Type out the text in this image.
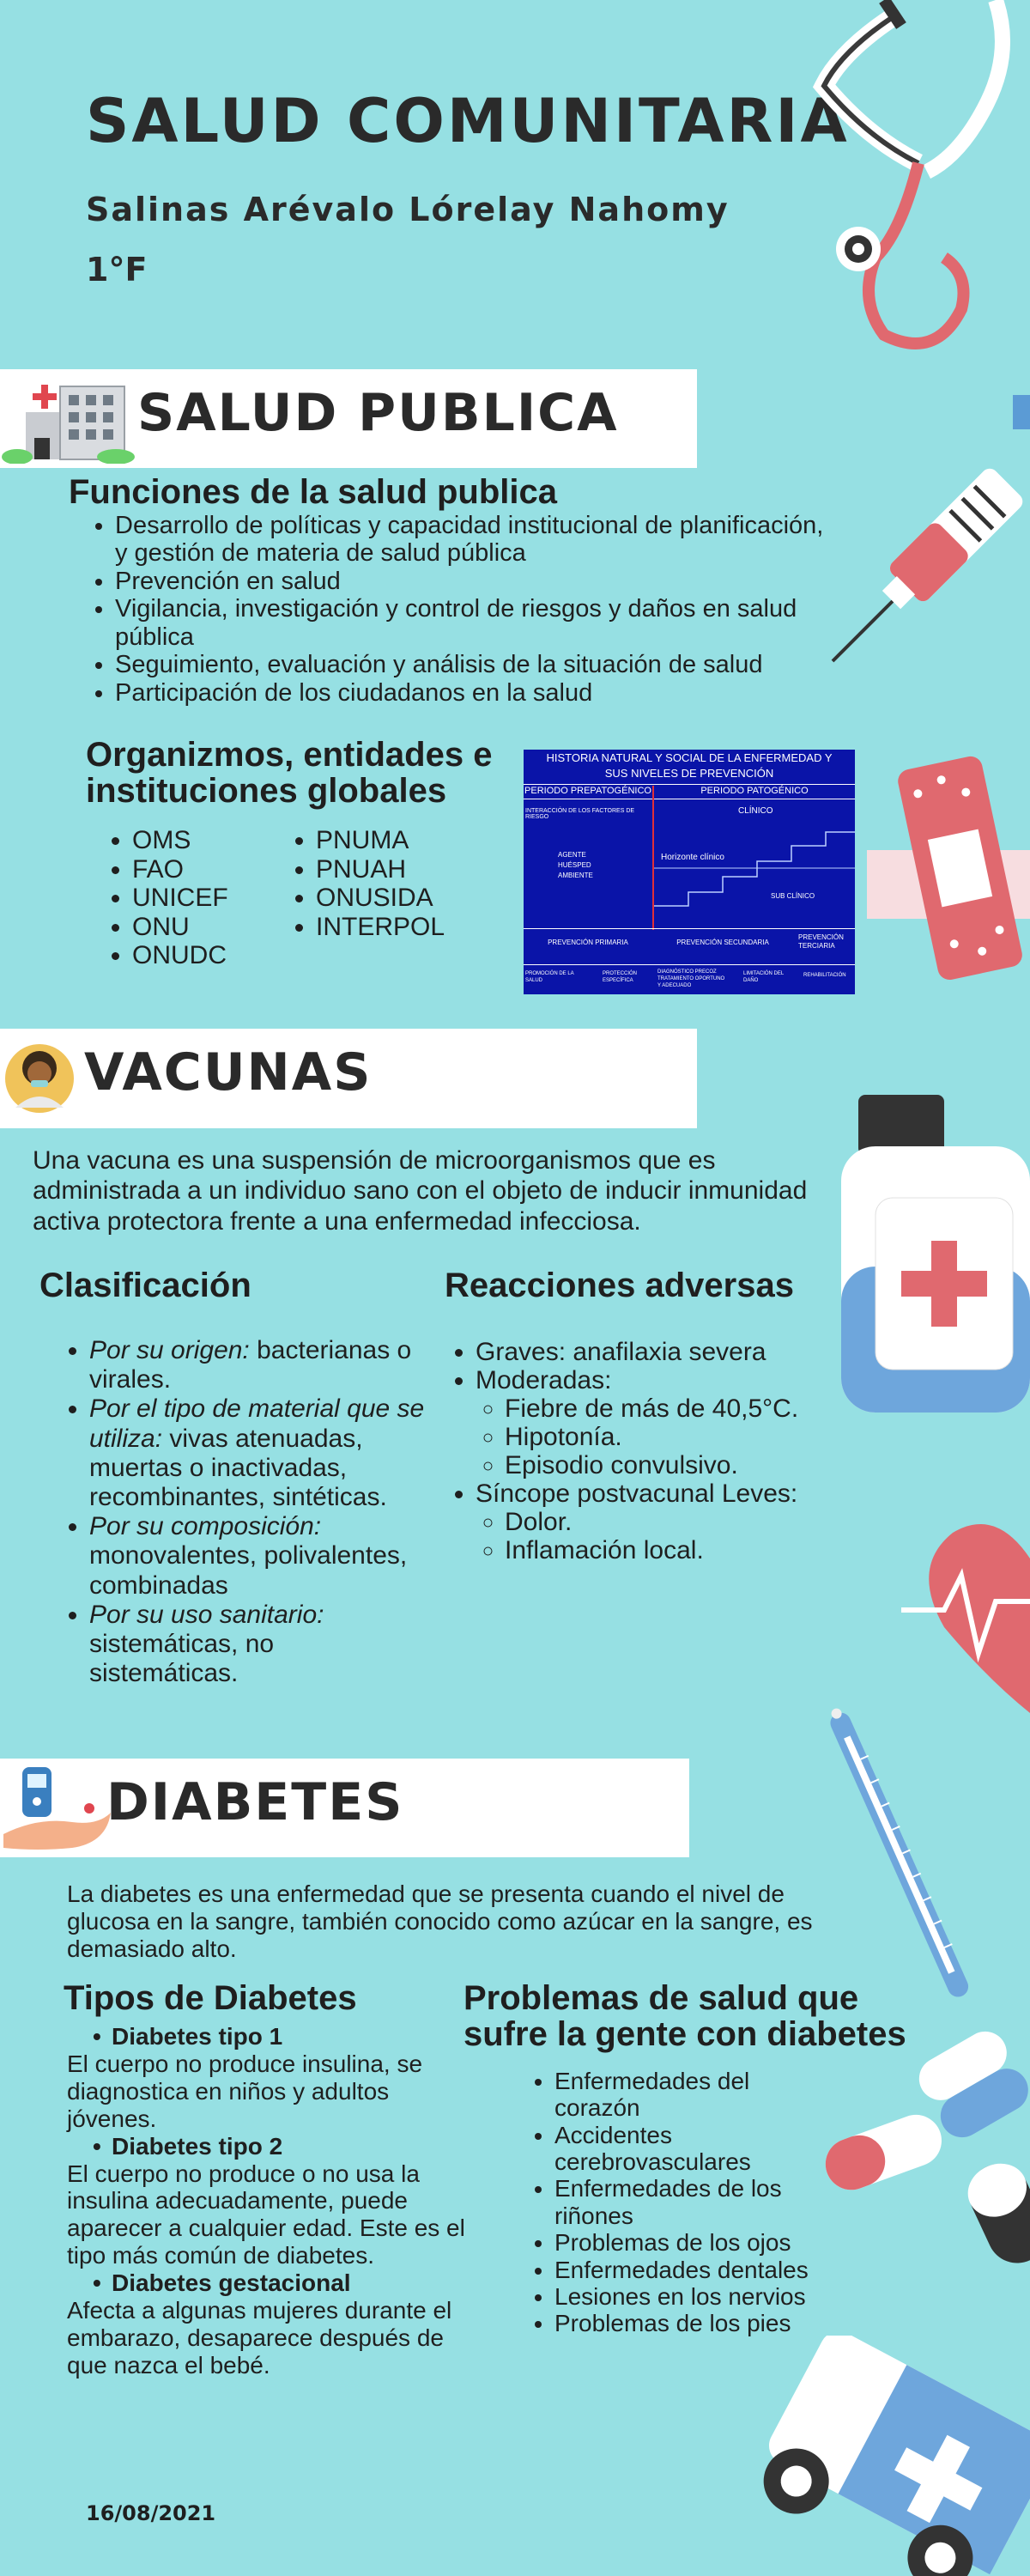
SALUD COMUNITARIA
Salinas Arévalo Lórelay Nahomy
1°F
SALUD PUBLICA
Funciones de la salud publica
• Desarrollo de políticas y capacidad institucional de planificación, y gestión de materia de salud pública
• Prevención en salud
• Vigilancia, investigación y control de riesgos y daños en salud pública
• Seguimiento, evaluación y análisis de la situación de salud
• Participación de los ciudadanos en la salud
Organizmos, entidades e instituciones globales
• OMS
• FAO
• UNICEF
• ONU
• ONUDC
• PNUMA
• PNUAH
• ONUSIDA
• INTERPOL
HISTORIA NATURAL Y SOCIAL DE LA ENFERMEDAD Y
SUS NIVELES DE PREVENCIÓN
PERIODO PREPATOGÉNICO	PERIODO PATOGÉNICO
INTERACCIÓN DE LOS FACTORES DE RIESGO
CLÍNICO
AGENTE
HUÉSPED
AMBIENTE
Horizonte clínico
SUB CLÍNICO
PREVENCIÓN PRIMARIA	PREVENCIÓN SECUNDARIA
PREVENCIÓN
TERCIARIA
PROMOCIÓN DE LA
SALUD
PROTECCIÓN
ESPECÍFICA
DIAGNÓSTICO PRECOZ
TRATAMIENTO OPORTUNO
Y ADECUADO
LIMITACIÓN DEL
DAÑO
REHABILITACIÓN
VACUNAS

Una vacuna es una suspensión de microorganismos que es administrada a un individuo sano con el objeto de inducir inmunidad activa protectora frente a una enfermedad infecciosa.

Clasificación
• Por su origen: bacterianas o virales.
• Por el tipo de material que se utiliza: vivas atenuadas, muertas o inactivadas, recombinantes, sintéticas.
• Por su composición: monovalentes, polivalentes, combinadas
• Por su uso sanitario: sistemáticas, no sistemáticas.
Reacciones adversas
• Graves: anafilaxia severa
• Moderadas:
◦ Fiebre de más de 40,5°C.
◦ Hipotonía.
◦ Episodio convulsivo.
• Síncope postvacunal Leves:
◦ Dolor.
◦ Inflamación local.
DIABETES

La diabetes es una enfermedad que se presenta cuando el nivel de glucosa en la sangre, también conocido como azúcar en la sangre, es demasiado alto.

Tipos de Diabetes
• Diabetes tipo 1
El cuerpo no produce insulina, se diagnostica en niños y adultos jóvenes.
• Diabetes tipo 2
El cuerpo no produce o no usa la insulina adecuadamente, puede aparecer a cualquier edad. Este es el tipo más común de diabetes.
• Diabetes gestacional
Afecta a algunas mujeres durante el embarazo, desaparece después de que nazca el bebé.
Problemas de salud que sufre la gente con diabetes
• Enfermedades del corazón
• Accidentes cerebrovasculares
• Enfermedades de los riñones
• Problemas de los ojos
• Enfermedades dentales
• Lesiones en los nervios
• Problemas de los pies
16/08/2021
